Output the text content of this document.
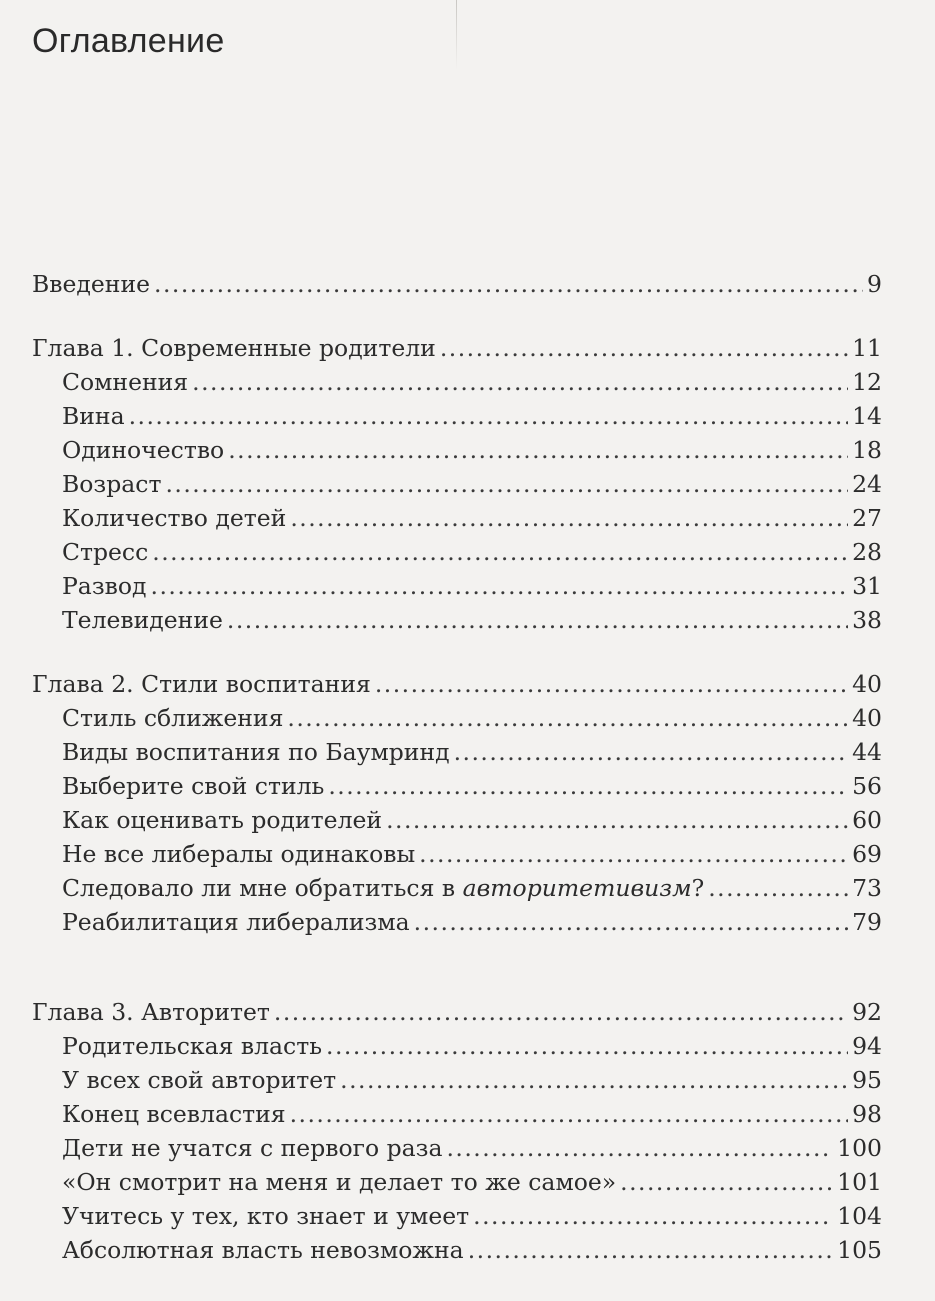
Оглавление
Введение . . .	9
Глава 1. Современные родители . . .	11
Сомнения . . .	12
Вина . . .	14
Одиночество . . .	18
Возраст . . .	24
Количество детей . . .	27
Стресс . . .	28
Развод . . .	31
Телевидение . . .	38
Глава 2. Стили воспитания . . .	40
Стиль сближения . . .	40
Виды воспитания по Баумринд . . .	44
Выберите свой стиль . . .	56
Как оценивать родителей . . .	60
Не все либералы одинаковы . . .	69
Следовало ли мне обратиться в авторитетивизм? . . .	73
Реабилитация либерализма . . .	79
Глава 3. Авторитет . . .	92
Родительская власть . . .	94
У всех свой авторитет . . .	95
Конец всевластия . . .	98
Дети не учатся с первого раза . . .	100
«Он смотрит на меня и делает то же самое» . . .	101
Учитесь у тех, кто знает и умеет . . .	104
Абсолютная власть невозможна . . .	105
